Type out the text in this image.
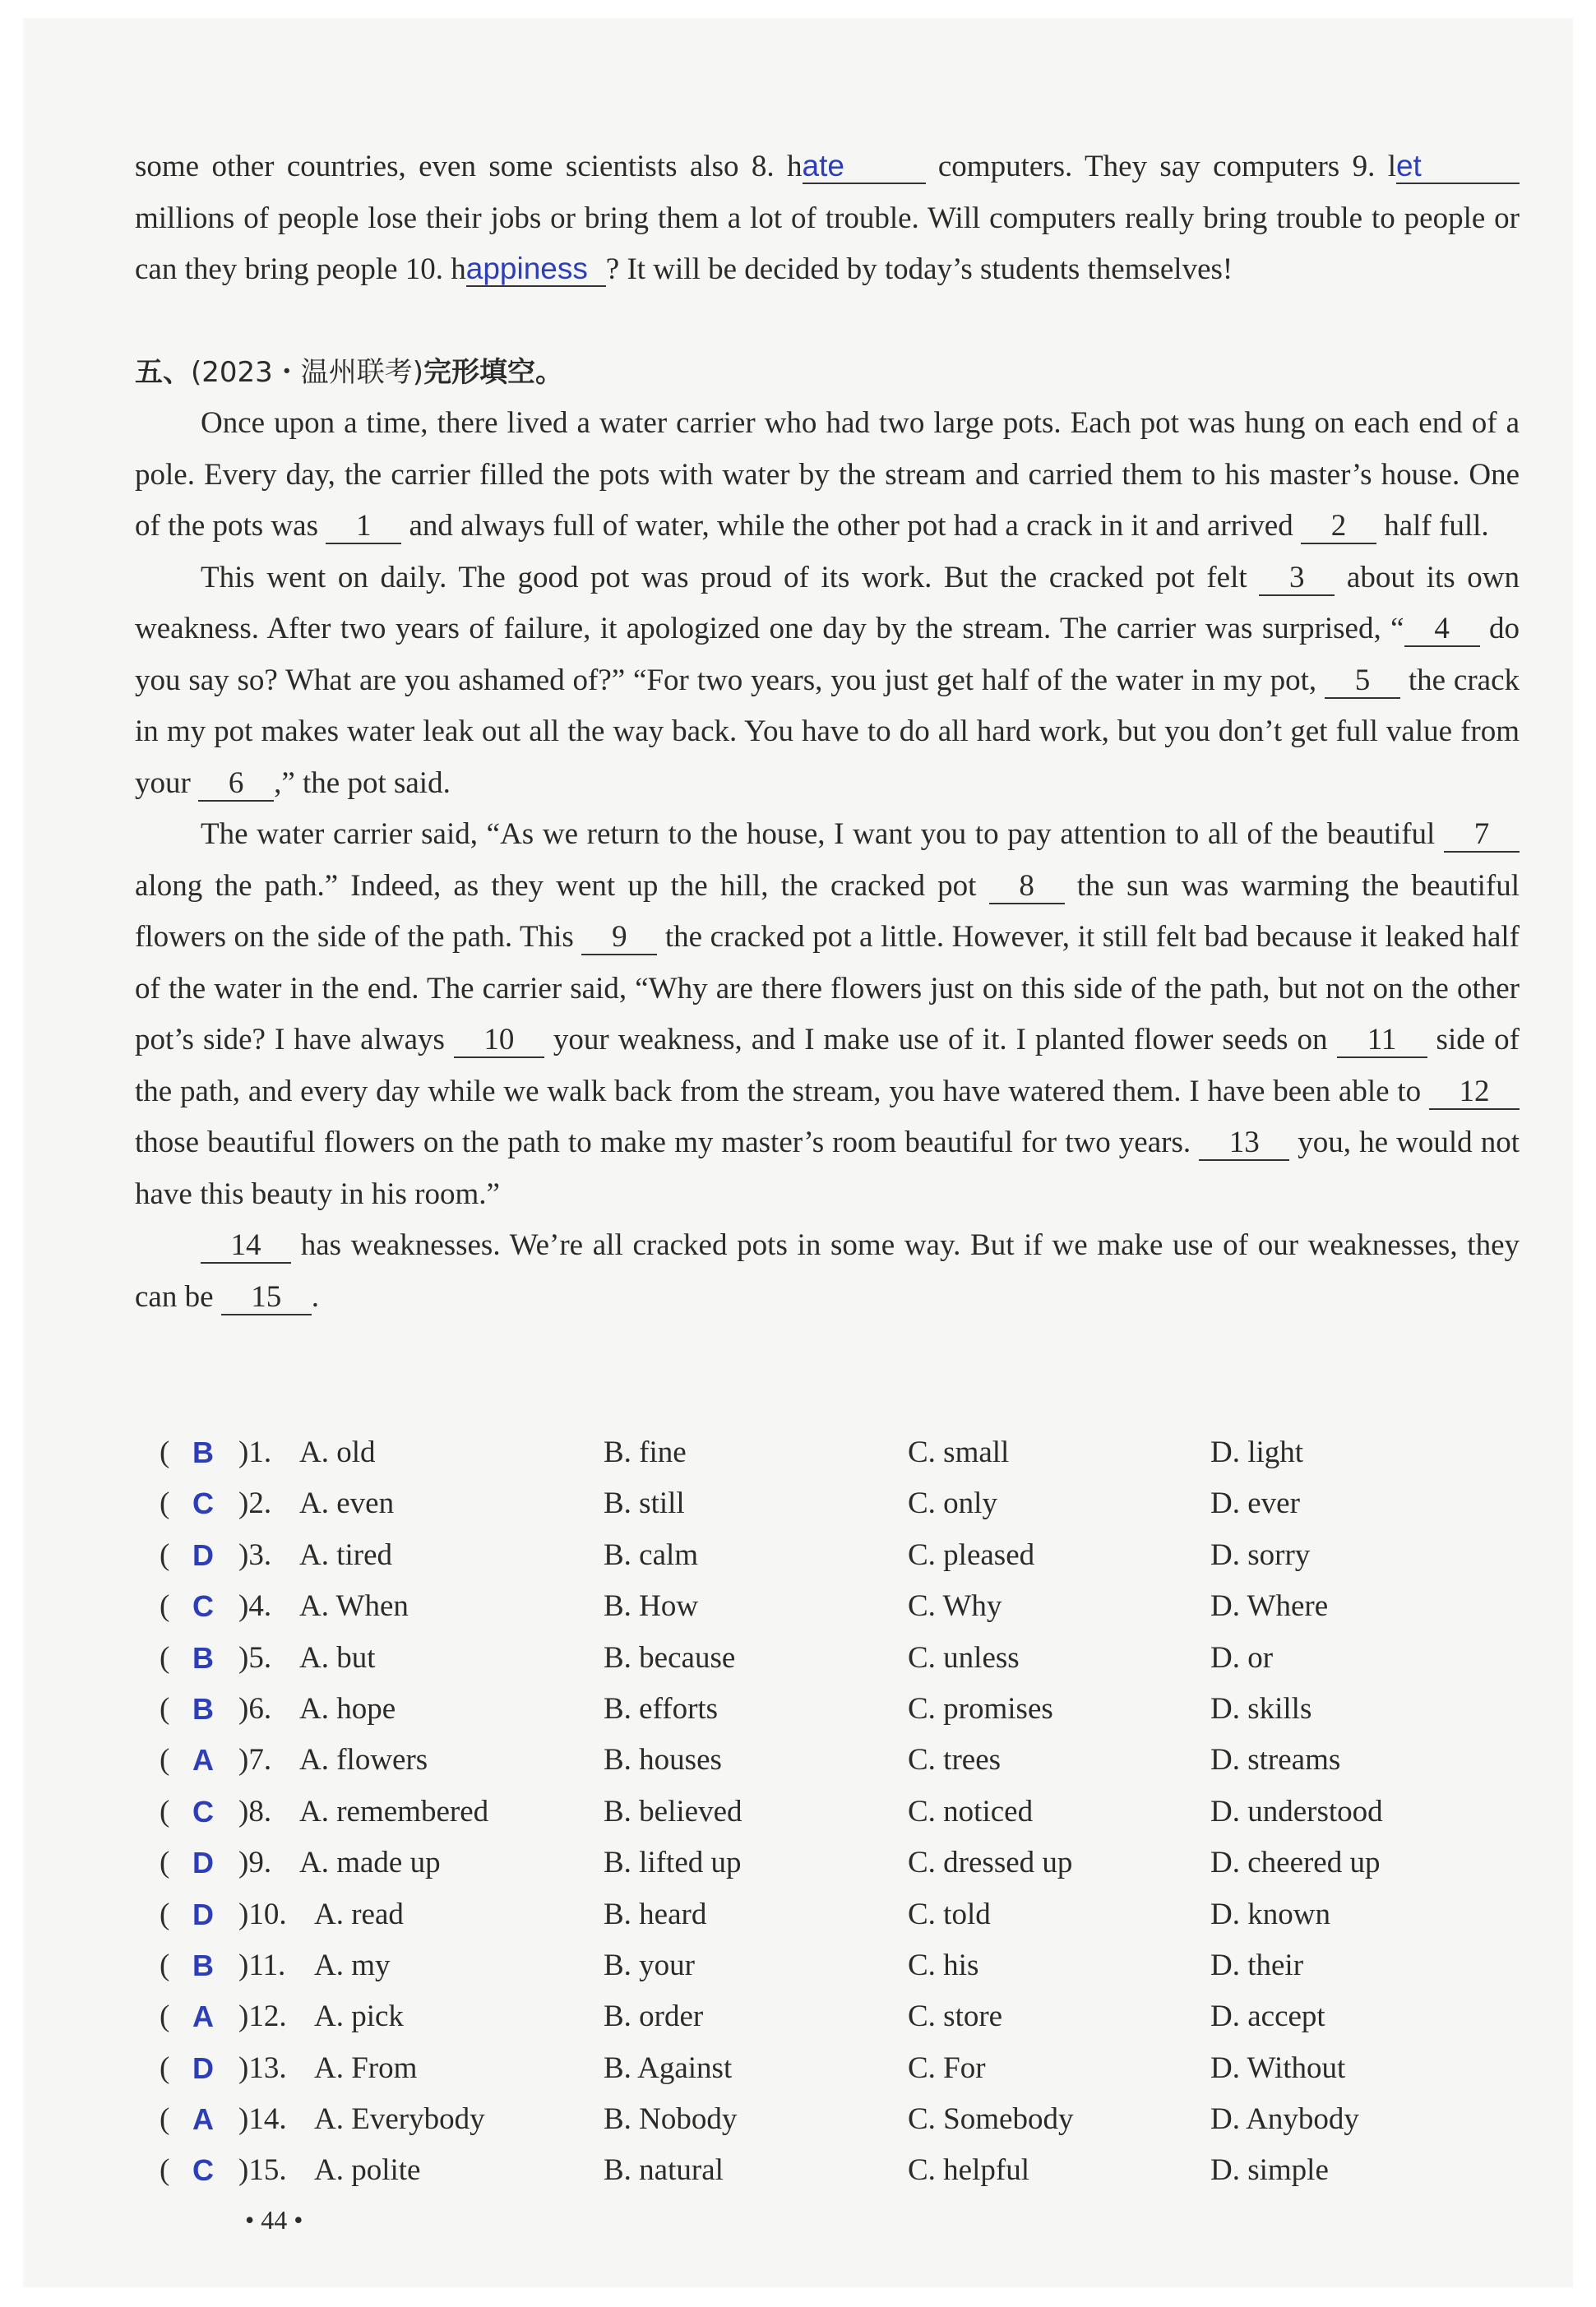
some other countries, even some scientists also 8. hate	computers. They say computers 9. let millions of people lose their jobs or bring them a lot of trouble. Will computers really bring trouble to people or can they bring people 10. happiness ? It will be decided by today’s students themselves!

五、(2023・温州联考)完形填空。

Once upon a time, there lived a water carrier who had two large pots. Each pot was hung on each end of a pole. Every day, the carrier filled the pots with water by the stream and carried them to his master’s house. One of the pots was 1 and always full of water, while the other pot had a crack in it and arrived 2 half full.

This went on daily. The good pot was proud of its work. But the cracked pot felt 3 about its own weakness. After two years of failure, it apologized one day by the stream. The carrier was surprised, “ 4 do you say so? What are you ashamed of?” “For two years, you just get half of the water in my pot, 5 the crack in my pot makes water leak out all the way back. You have to do all hard work, but you don’t get full value from your 6 ,” the pot said.

The water carrier said, “As we return to the house, I want you to pay attention to all of the beautiful 7 along the path.” Indeed, as they went up the hill, the cracked pot 8 the sun was warming the beautiful flowers on the side of the path. This 9 the cracked pot a little. However, it still felt bad because it leaked half of the water in the end. The carrier said, “Why are there flowers just on this side of the path, but not on the other pot’s side? I have always 10 your weakness, and I make use of it. I planted flower seeds on 11 side of the path, and every day while we walk back from the stream, you have watered them. I have been able to 12 those beautiful flowers on the path to make my master’s room beautiful for two years. 13 you, he would not have this beauty in his room.”

14 has weaknesses. We’re all cracked pots in some way. But if we make use of our weaknesses, they can be 15 .

( B )1. A. old	B. fine	C. small	D. light
( C )2. A. even	B. still	C. only	D. ever
( D )3. A. tired	B. calm	C. pleased	D. sorry
( C )4. A. When	B. How	C. Why	D. Where
( B )5. A. but	B. because	C. unless	D. or
( B )6. A. hope	B. efforts	C. promises	D. skills
( A )7. A. flowers	B. houses	C. trees	D. streams
( C )8. A. remembered	B. believed	C. noticed	D. understood
( D )9. A. made up	B. lifted up	C. dressed up	D. cheered up
( D )10. A. read	B. heard	C. told	D. known
( B )11. A. my	B. your	C. his	D. their
( A )12. A. pick	B. order	C. store	D. accept
( D )13. A. From	B. Against	C. For	D. Without
( A )14. A. Everybody	B. Nobody	C. Somebody	D. Anybody
( C )15. A. polite	B. natural	C. helpful	D. simple
• 44 •
